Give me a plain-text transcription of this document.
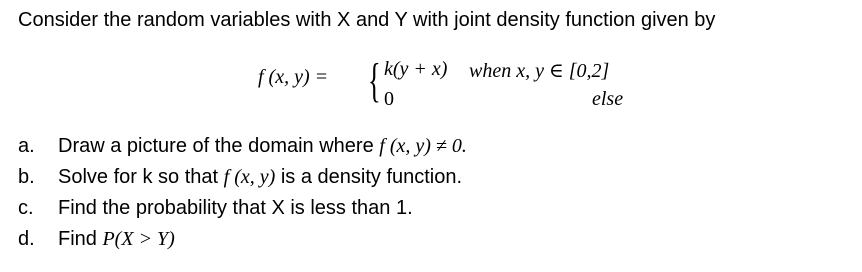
Consider the random variables with X and Y with joint density function given by
f (x, y) = { k(y + x) when x, y ∈ [0,2]
0	else
a. Draw a picture of the domain where f (x, y) ≠ 0.
b. Solve for k so that f (x, y) is a density function.
c. Find the probability that X is less than 1.
d. Find P(X > Y)
